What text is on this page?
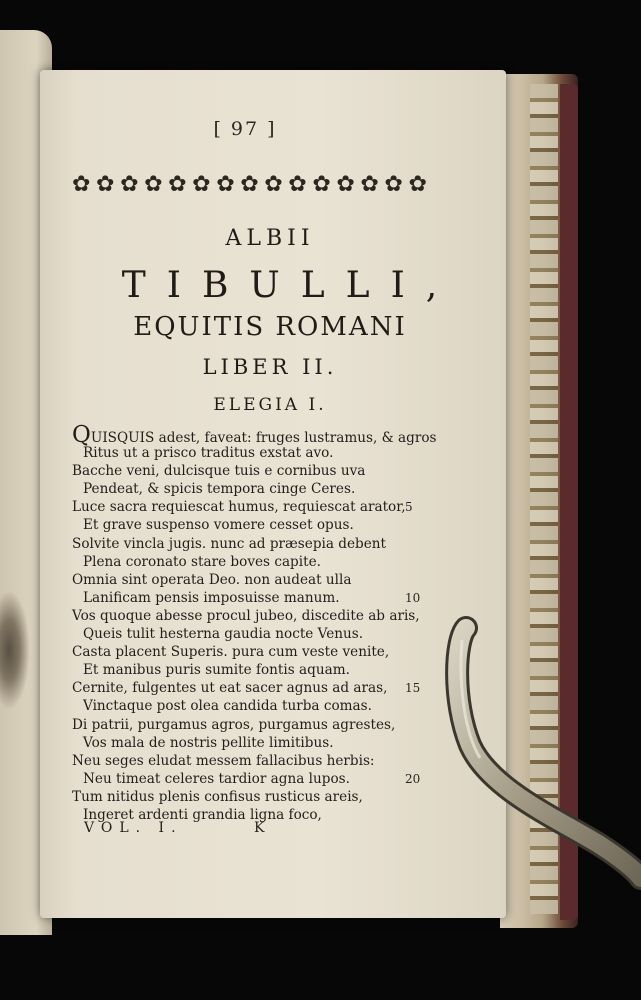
[ 97 ]
✿ ✿ ✿ ✿ ✿ ✿ ✿ ✿ ✿ ✿ ✿ ✿ ✿ ✿ ✿
ALBII
TIBULLI,
EQUITIS ROMANI
LIBER II.
ELEGIA I.
QUISQUIS adest, faveat: fruges lustramus, & agros
Ritus ut a prisco traditus exstat avo.
Bacche veni, dulcisque tuis e cornibus uva
Pendeat, & spicis tempora cinge Ceres.
Luce sacra requiescat humus, requiescat arator, 5
Et grave suspenso vomere cesset opus.
Solvite vincla jugis. nunc ad præsepia debent
Plena coronato stare boves capite.
Omnia sint operata Deo. non audeat ulla
Lanificam pensis imposuisse manum.	10
Vos quoque abesse procul jubeo, discedite ab aris,
Queis tulit hesterna gaudia nocte Venus.
Casta placent Superis. pura cum veste venite,
Et manibus puris sumite fontis aquam.
Cernite, fulgentes ut eat sacer agnus ad aras, 15
Vinctaque post olea candida turba comas.
Di patrii, purgamus agros, purgamus agrestes,
Vos mala de nostris pellite limitibus.
Neu seges eludat messem fallacibus herbis:
Neu timeat celeres tardior agna lupos.	20
Tum nitidus plenis confisus rusticus areis,
Ingeret ardenti grandia ligna foco,
VOL. I.	K
